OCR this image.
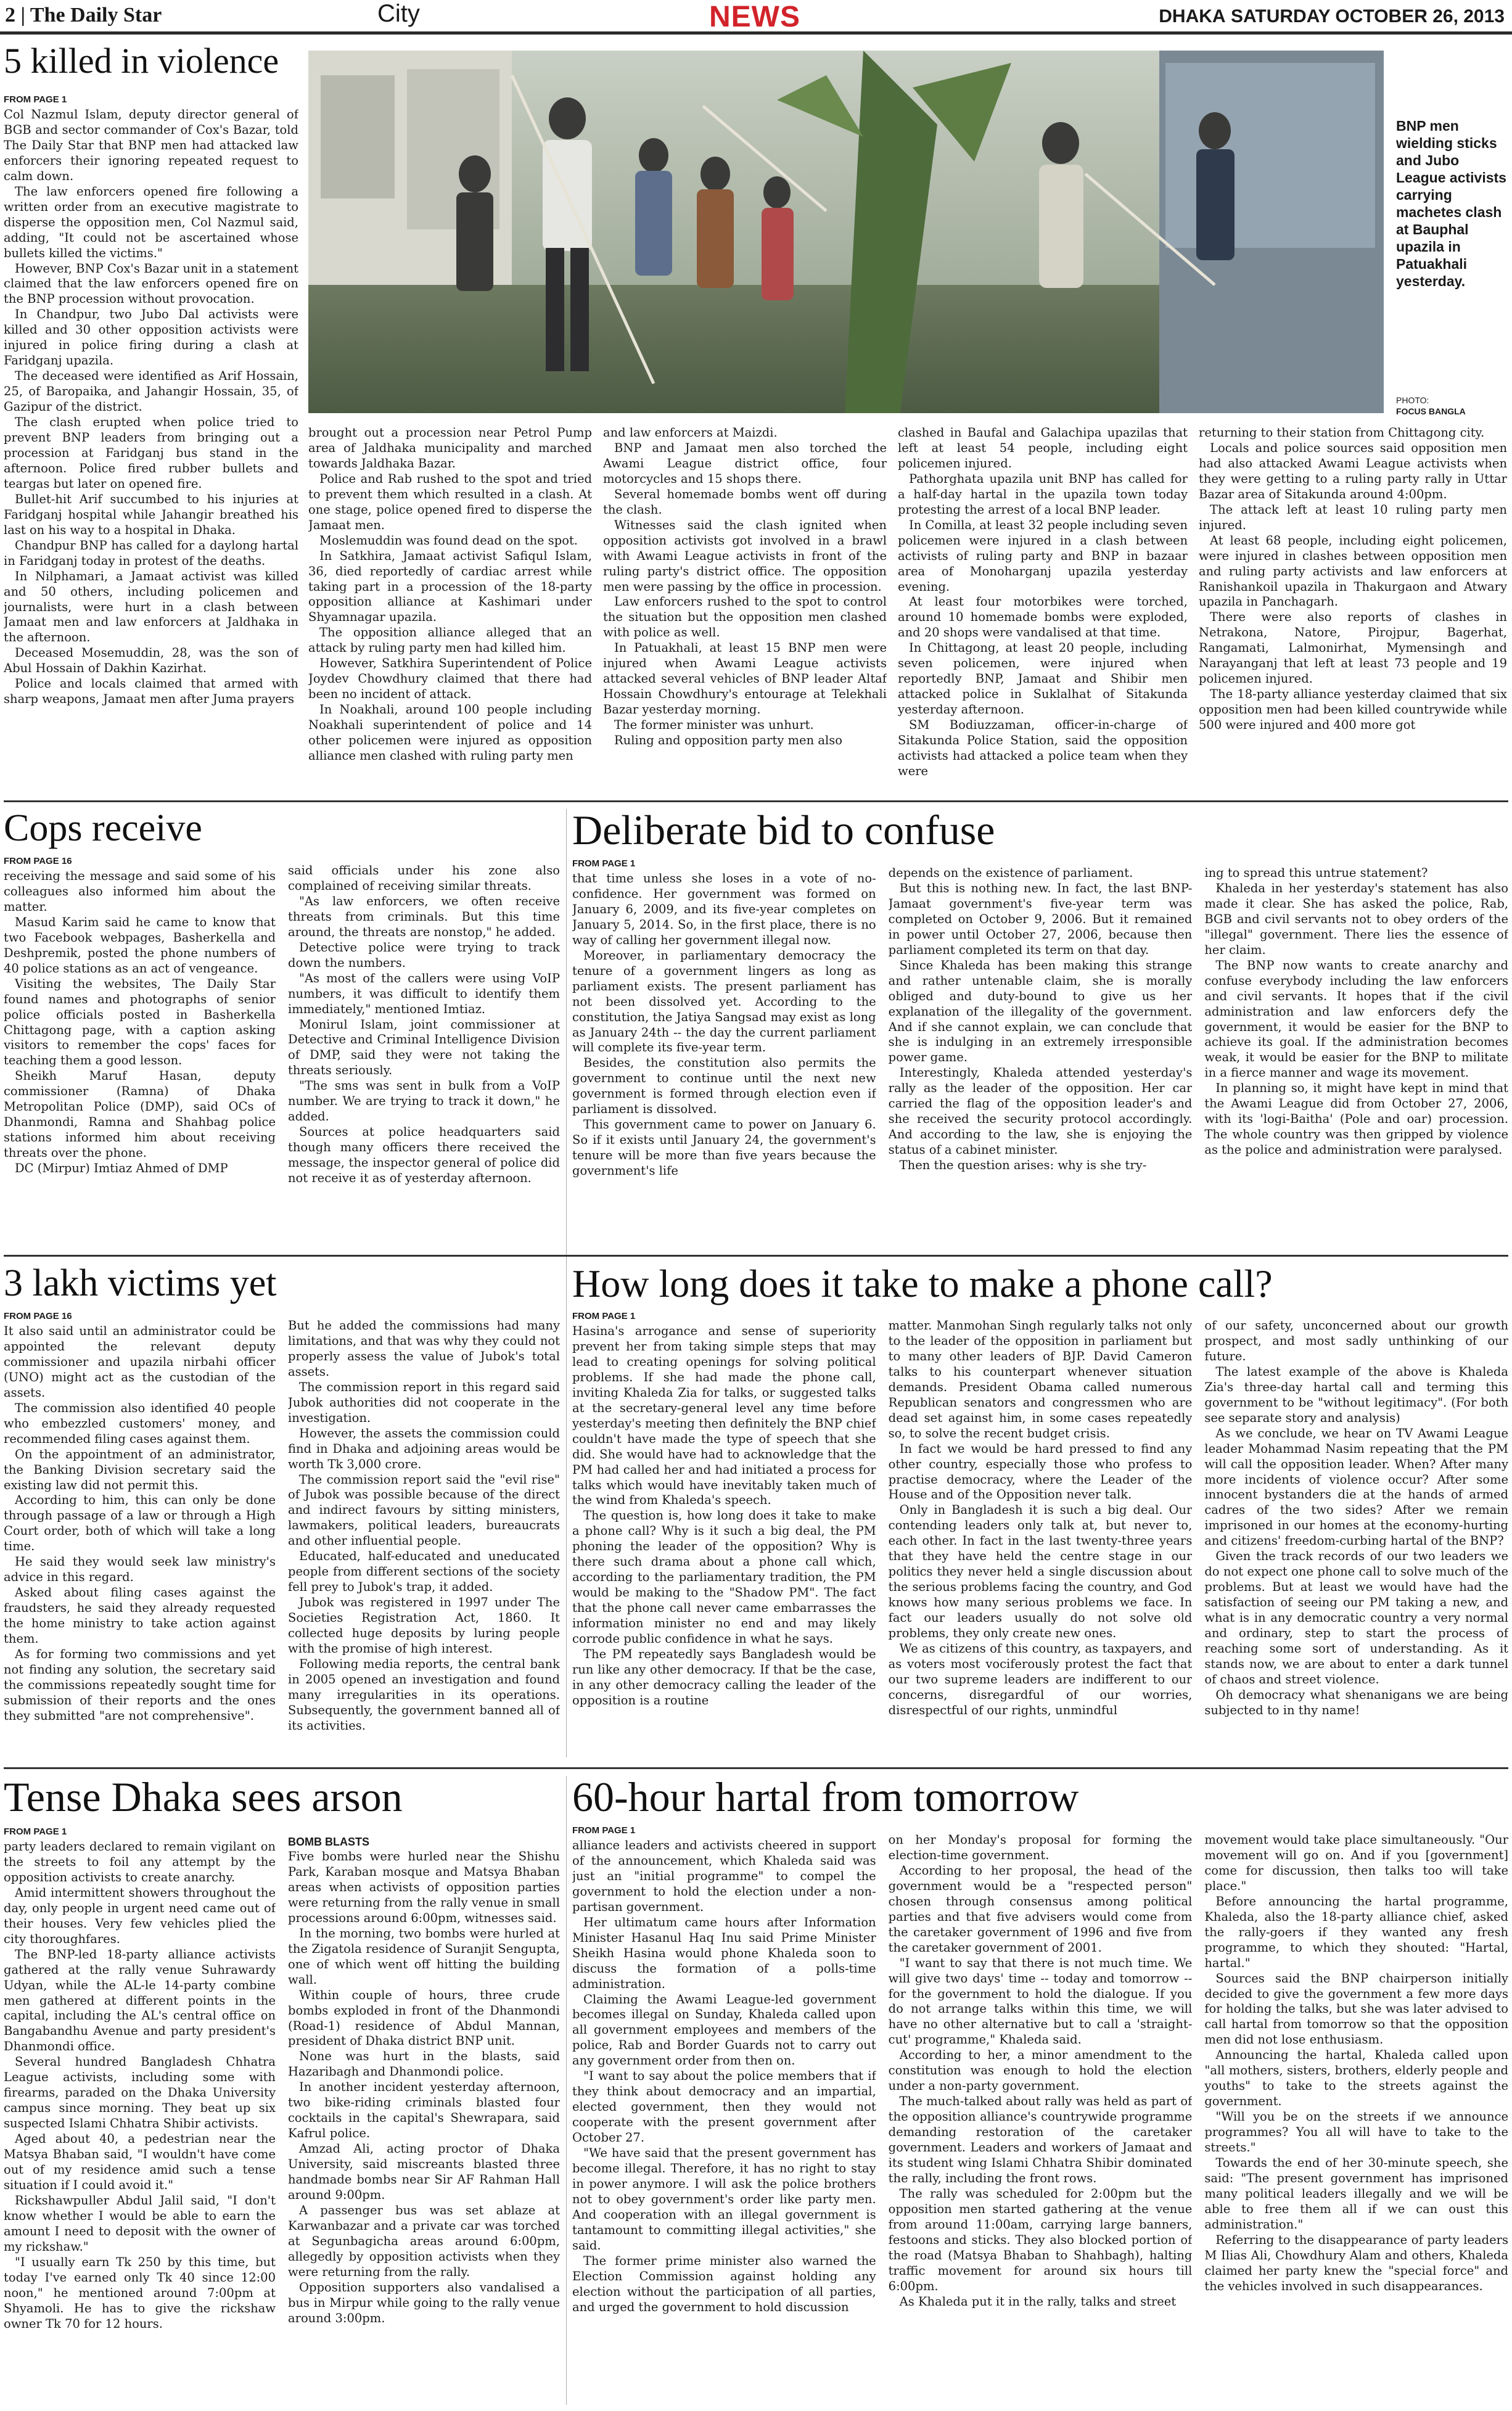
2 | The Daily Star	City	NEWS	DHAKA SATURDAY OCTOBER 26, 2013
BNP men wielding sticks and Jubo League activists carrying machetes clash at Bauphal upazila in Patuakhali yesterday.
PHOTO:
FOCUS BANGLA
5 killed in violence
FROM PAGE 1

Col Nazmul Islam, deputy director general of BGB and sector commander of Cox's Bazar, told The Daily Star that BNP men had attacked law enforcers their ignoring repeated request to calm down.

The law enforcers opened fire following a written order from an executive magistrate to disperse the opposition men, Col Nazmul said, adding, "It could not be ascertained whose bullets killed the victims."

However, BNP Cox's Bazar unit in a statement claimed that the law enforcers opened fire on the BNP procession without provocation.

In Chandpur, two Jubo Dal activists were killed and 30 other opposition activists were injured in police firing during a clash at Faridganj upazila.

The deceased were identified as Arif Hossain, 25, of Baropaika, and Jahangir Hossain, 35, of Gazipur of the district.

The clash erupted when police tried to prevent BNP leaders from bringing out a procession at Faridganj bus stand in the afternoon. Police fired rubber bullets and teargas but later on opened fire.

Bullet-hit Arif succumbed to his injuries at Faridganj hospital while Jahangir breathed his last on his way to a hospital in Dhaka.

Chandpur BNP has called for a daylong hartal in Faridganj today in protest of the deaths.

In Nilphamari, a Jamaat activist was killed and 50 others, including policemen and journalists, were hurt in a clash between Jamaat men and law enforcers at Jaldhaka in the afternoon.

Deceased Mosemuddin, 28, was the son of Abul Hossain of Dakhin Kazirhat.

Police and locals claimed that armed with sharp weapons, Jamaat men after Juma prayers

brought out a procession near Petrol Pump area of Jaldhaka municipality and marched towards Jaldhaka Bazar.

Police and Rab rushed to the spot and tried to prevent them which resulted in a clash. At one stage, police opened fired to disperse the Jamaat men.

Moslemuddin was found dead on the spot.

In Satkhira, Jamaat activist Safiqul Islam, 36, died reportedly of cardiac arrest while taking part in a procession of the 18-party opposition alliance at Kashimari under Shyamnagar upazila.

The opposition alliance alleged that an attack by ruling party men had killed him.

However, Satkhira Superintendent of Police Joydev Chowdhury claimed that there had been no incident of attack.

In Noakhali, around 100 people including Noakhali superintendent of police and 14 other policemen were injured as opposition alliance men clashed with ruling party men

and law enforcers at Maizdi.

BNP and Jamaat men also torched the Awami League district office, four motorcycles and 15 shops there.

Several homemade bombs went off during the clash.

Witnesses said the clash ignited when opposition activists got involved in a brawl with Awami League activists in front of the ruling party's district office. The opposition men were passing by the office in procession.

Law enforcers rushed to the spot to control the situation but the opposition men clashed with police as well.

In Patuakhali, at least 15 BNP men were injured when Awami League activists attacked several vehicles of BNP leader Altaf Hossain Chowdhury's entourage at Telekhali Bazar yesterday morning.

The former minister was unhurt.

Ruling and opposition party men also

clashed in Baufal and Galachipa upazilas that left at least 54 people, including eight policemen injured.

Pathorghata upazila unit BNP has called for a half-day hartal in the upazila town today protesting the arrest of a local BNP leader.

In Comilla, at least 32 people including seven policemen were injured in a clash between activists of ruling party and BNP in bazaar area of Monoharganj upazila yesterday evening.

At least four motorbikes were torched, around 10 homemade bombs were exploded, and 20 shops were vandalised at that time.

In Chittagong, at least 20 people, including seven policemen, were injured when reportedly BNP, Jamaat and Shibir men attacked police in Suklalhat of Sitakunda yesterday afternoon.

SM Bodiuzzaman, officer-in-charge of Sitakunda Police Station, said the opposition activists had attacked a police team when they were

returning to their station from Chittagong city.

Locals and police sources said opposition men had also attacked Awami League activists when they were getting to a ruling party rally in Uttar Bazar area of Sitakunda around 4:00pm.

The attack left at least 10 ruling party men injured.

At least 68 people, including eight policemen, were injured in clashes between opposition men and ruling party activists and law enforcers at Ranishankoil upazila in Thakurgaon and Atwary upazila in Panchagarh.

There were also reports of clashes in Netrakona, Natore, Pirojpur, Bagerhat, Rangamati, Lalmonirhat, Mymensingh and Narayanganj that left at least 73 people and 19 policemen injured.

The 18-party alliance yesterday claimed that six opposition men had been killed countrywide while 500 were injured and 400 more got

Cops receive
FROM PAGE 16

receiving the message and said some of his colleagues also informed him about the matter.

Masud Karim said he came to know that two Facebook webpages, Basherkella and Deshpremik, posted the phone numbers of 40 police stations as an act of vengeance.

Visiting the websites, The Daily Star found names and photographs of senior police officials posted in Basherkella Chittagong page, with a caption asking visitors to remember the cops' faces for teaching them a good lesson.

Sheikh Maruf Hasan, deputy commissioner (Ramna) of Dhaka Metropolitan Police (DMP), said OCs of Dhanmondi, Ramna and Shahbag police stations informed him about receiving threats over the phone.

DC (Mirpur) Imtiaz Ahmed of DMP

said officials under his zone also complained of receiving similar threats.

"As law enforcers, we often receive threats from criminals. But this time around, the threats are nonstop," he added.

Detective police were trying to track down the numbers.

"As most of the callers were using VoIP numbers, it was difficult to identify them immediately," mentioned Imtiaz.

Monirul Islam, joint commissioner at Detective and Criminal Intelligence Division of DMP, said they were not taking the threats seriously.

"The sms was sent in bulk from a VoIP number. We are trying to track it down," he added.

Sources at police headquarters said though many officers there received the message, the inspector general of police did not receive it as of yesterday afternoon.

Deliberate bid to confuse
FROM PAGE 1

that time unless she loses in a vote of no-confidence. Her government was formed on January 6, 2009, and its five-year completes on January 5, 2014. So, in the first place, there is no way of calling her government illegal now.

Moreover, in parliamentary democracy the tenure of a government lingers as long as parliament exists. The present parliament has not been dissolved yet. According to the constitution, the Jatiya Sangsad may exist as long as January 24th -- the day the current parliament will complete its five-year term.

Besides, the constitution also permits the government to continue until the next new government is formed through election even if parliament is dissolved.

This government came to power on January 6. So if it exists until January 24, the government's tenure will be more than five years because the government's life

depends on the existence of parliament.

But this is nothing new. In fact, the last BNP-Jamaat government's five-year term was completed on October 9, 2006. But it remained in power until October 27, 2006, because then parliament completed its term on that day.

Since Khaleda has been making this strange and rather untenable claim, she is morally obliged and duty-bound to give us her explanation of the illegality of the government. And if she cannot explain, we can conclude that she is indulging in an extremely irresponsible power game.

Interestingly, Khaleda attended yesterday's rally as the leader of the opposition. Her car carried the flag of the opposition leader's and she received the security protocol accordingly. And according to the law, she is enjoying the status of a cabinet minister.

Then the question arises: why is she try-

ing to spread this untrue statement?

Khaleda in her yesterday's statement has also made it clear. She has asked the police, Rab, BGB and civil servants not to obey orders of the "illegal" government. There lies the essence of her claim.

The BNP now wants to create anarchy and confuse everybody including the law enforcers and civil servants. It hopes that if the civil administration and law enforcers defy the government, it would be easier for the BNP to achieve its goal. If the administration becomes weak, it would be easier for the BNP to militate in a fierce manner and wage its movement.

In planning so, it might have kept in mind that the Awami League did from October 27, 2006, with its 'logi-Baitha' (Pole and oar) procession. The whole country was then gripped by violence as the police and administration were paralysed.

3 lakh victims yet
FROM PAGE 16

It also said until an administrator could be appointed the relevant deputy commissioner and upazila nirbahi officer (UNO) might act as the custodian of the assets.

The commission also identified 40 people who embezzled customers' money, and recommended filing cases against them.

On the appointment of an administrator, the Banking Division secretary said the existing law did not permit this.

According to him, this can only be done through passage of a law or through a High Court order, both of which will take a long time.

He said they would seek law ministry's advice in this regard.

Asked about filing cases against the fraudsters, he said they already requested the home ministry to take action against them.

As for forming two commissions and yet not finding any solution, the secretary said the commissions repeatedly sought time for submission of their reports and the ones they submitted "are not comprehensive".

But he added the commissions had many limitations, and that was why they could not properly assess the value of Jubok's total assets.

The commission report in this regard said Jubok authorities did not cooperate in the investigation.

However, the assets the commission could find in Dhaka and adjoining areas would be worth Tk 3,000 crore.

The commission report said the "evil rise" of Jubok was possible because of the direct and indirect favours by sitting ministers, lawmakers, political leaders, bureaucrats and other influential people.

Educated, half-educated and uneducated people from different sections of the society fell prey to Jubok's trap, it added.

Jubok was registered in 1997 under The Societies Registration Act, 1860. It collected huge deposits by luring people with the promise of high interest.

Following media reports, the central bank in 2005 opened an investigation and found many irregularities in its operations. Subsequently, the government banned all of its activities.

How long does it take to make a phone call?
FROM PAGE 1

Hasina's arrogance and sense of superiority prevent her from taking simple steps that may lead to creating openings for solving political problems. If she had made the phone call, inviting Khaleda Zia for talks, or suggested talks at the secretary-general level any time before yesterday's meeting then definitely the BNP chief couldn't have made the type of speech that she did. She would have had to acknowledge that the PM had called her and had initiated a process for talks which would have inevitably taken much of the wind from Khaleda's speech.

The question is, how long does it take to make a phone call? Why is it such a big deal, the PM phoning the leader of the opposition? Why is there such drama about a phone call which, according to the parliamentary tradition, the PM would be making to the "Shadow PM". The fact that the phone call never came embarrasses the information minister no end and may likely corrode public confidence in what he says.

The PM repeatedly says Bangladesh would be run like any other democracy. If that be the case, in any other democracy calling the leader of the opposition is a routine

matter. Manmohan Singh regularly talks not only to the leader of the opposition in parliament but to many other leaders of BJP. David Cameron talks to his counterpart whenever situation demands. President Obama called numerous Republican senators and congressmen who are dead set against him, in some cases repeatedly so, to solve the recent budget crisis.

In fact we would be hard pressed to find any other country, especially those who profess to practise democracy, where the Leader of the House and of the Opposition never talk.

Only in Bangladesh it is such a big deal. Our contending leaders only talk at, but never to, each other. In fact in the last twenty-three years that they have held the centre stage in our politics they never held a single discussion about the serious problems facing the country, and God knows how many serious problems we face. In fact our leaders usually do not solve old problems, they only create new ones.

We as citizens of this country, as taxpayers, and as voters most vociferously protest the fact that our two supreme leaders are indifferent to our concerns, disregardful of our worries, disrespectful of our rights, unmindful

of our safety, unconcerned about our growth prospect, and most sadly unthinking of our future.

The latest example of the above is Khaleda Zia's three-day hartal call and terming this government to be "without legitimacy". (For both see separate story and analysis)

As we conclude, we hear on TV Awami League leader Mohammad Nasim repeating that the PM will call the opposition leader. When? After many more incidents of violence occur? After some innocent bystanders die at the hands of armed cadres of the two sides? After we remain imprisoned in our homes at the economy-hurting and citizens' freedom-curbing hartal of the BNP?

Given the track records of our two leaders we do not expect one phone call to solve much of the problems. But at least we would have had the satisfaction of seeing our PM taking a new, and what is in any democratic country a very normal and ordinary, step to start the process of reaching some sort of understanding. As it stands now, we are about to enter a dark tunnel of chaos and street violence.

Oh democracy what shenanigans we are being subjected to in thy name!

Tense Dhaka sees arson
FROM PAGE 1

party leaders declared to remain vigilant on the streets to foil any attempt by the opposition activists to create anarchy.

Amid intermittent showers throughout the day, only people in urgent need came out of their houses. Very few vehicles plied the city thoroughfares.

The BNP-led 18-party alliance activists gathered at the rally venue Suhrawardy Udyan, while the AL-le 14-party combine men gathered at different points in the capital, including the AL's central office on Bangabandhu Avenue and party president's Dhanmondi office.

Several hundred Bangladesh Chhatra League activists, including some with firearms, paraded on the Dhaka University campus since morning. They beat up six suspected Islami Chhatra Shibir activists.

Aged about 40, a pedestrian near the Matsya Bhaban said, "I wouldn't have come out of my residence amid such a tense situation if I could avoid it."

Rickshawpuller Abdul Jalil said, "I don't know whether I would be able to earn the amount I need to deposit with the owner of my rickshaw."

"I usually earn Tk 250 by this time, but today I've earned only Tk 40 since 12:00 noon," he mentioned around 7:00pm at Shyamoli. He has to give the rickshaw owner Tk 70 for 12 hours.

BOMB BLASTS

Five bombs were hurled near the Shishu Park, Karaban mosque and Matsya Bhaban areas when activists of opposition parties were returning from the rally venue in small processions around 6:00pm, witnesses said.

In the morning, two bombs were hurled at the Zigatola residence of Suranjit Sengupta, one of which went off hitting the building wall.

Within couple of hours, three crude bombs exploded in front of the Dhanmondi (Road-1) residence of Abdul Mannan, president of Dhaka district BNP unit.

None was hurt in the blasts, said Hazaribagh and Dhanmondi police.

In another incident yesterday afternoon, two bike-riding criminals blasted four cocktails in the capital's Shewrapara, said Kafrul police.

Amzad Ali, acting proctor of Dhaka University, said miscreants blasted three handmade bombs near Sir AF Rahman Hall around 9:00pm.

A passenger bus was set ablaze at Karwanbazar and a private car was torched at Segunbagicha areas around 6:00pm, allegedly by opposition activists when they were returning from the rally.

Opposition supporters also vandalised a bus in Mirpur while going to the rally venue around 3:00pm.

60-hour hartal from tomorrow
FROM PAGE 1

alliance leaders and activists cheered in support of the announcement, which Khaleda said was just an "initial programme" to compel the government to hold the election under a non-partisan government.

Her ultimatum came hours after Information Minister Hasanul Haq Inu said Prime Minister Sheikh Hasina would phone Khaleda soon to discuss the formation of a polls-time administration.

Claiming the Awami League-led government becomes illegal on Sunday, Khaleda called upon all government employees and members of the police, Rab and Border Guards not to carry out any government order from then on.

"I want to say about the police members that if they think about democracy and an impartial, elected government, then they would not cooperate with the present government after October 27.

"We have said that the present government has become illegal. Therefore, it has no right to stay in power anymore. I will ask the police brothers not to obey government's order like party men. And cooperation with an illegal government is tantamount to committing illegal activities," she said.

The former prime minister also warned the Election Commission against holding any election without the participation of all parties, and urged the government to hold discussion

on her Monday's proposal for forming the election-time government.

According to her proposal, the head of the government would be a "respected person" chosen through consensus among political parties and that five advisers would come from the caretaker government of 1996 and five from the caretaker government of 2001.

"I want to say that there is not much time. We will give two days' time -- today and tomorrow -- for the government to hold the dialogue. If you do not arrange talks within this time, we will have no other alternative but to call a 'straight-cut' programme," Khaleda said.

According to her, a minor amendment to the constitution was enough to hold the election under a non-party government.

The much-talked about rally was held as part of the opposition alliance's countrywide programme demanding restoration of the caretaker government. Leaders and workers of Jamaat and its student wing Islami Chhatra Shibir dominated the rally, including the front rows.

The rally was scheduled for 2:00pm but the opposition men started gathering at the venue from around 11:00am, carrying large banners, festoons and sticks. They also blocked portion of the road (Matsya Bhaban to Shahbagh), halting traffic movement for around six hours till 6:00pm.

As Khaleda put it in the rally, talks and street

movement would take place simultaneously. "Our movement will go on. And if you [government] come for discussion, then talks too will take place."

Before announcing the hartal programme, Khaleda, also the 18-party alliance chief, asked the rally-goers if they wanted any fresh programme, to which they shouted: "Hartal, hartal."

Sources said the BNP chairperson initially decided to give the government a few more days for holding the talks, but she was later advised to call hartal from tomorrow so that the opposition men did not lose enthusiasm.

Announcing the hartal, Khaleda called upon "all mothers, sisters, brothers, elderly people and youths" to take to the streets against the government.

"Will you be on the streets if we announce programmes? You all will have to take to the streets."

Towards the end of her 30-minute speech, she said: "The present government has imprisoned many political leaders illegally and we will be able to free them all if we can oust this administration."

Referring to the disappearance of party leaders M Ilias Ali, Chowdhury Alam and others, Khaleda claimed her party knew the "special force" and the vehicles involved in such disappearances.
